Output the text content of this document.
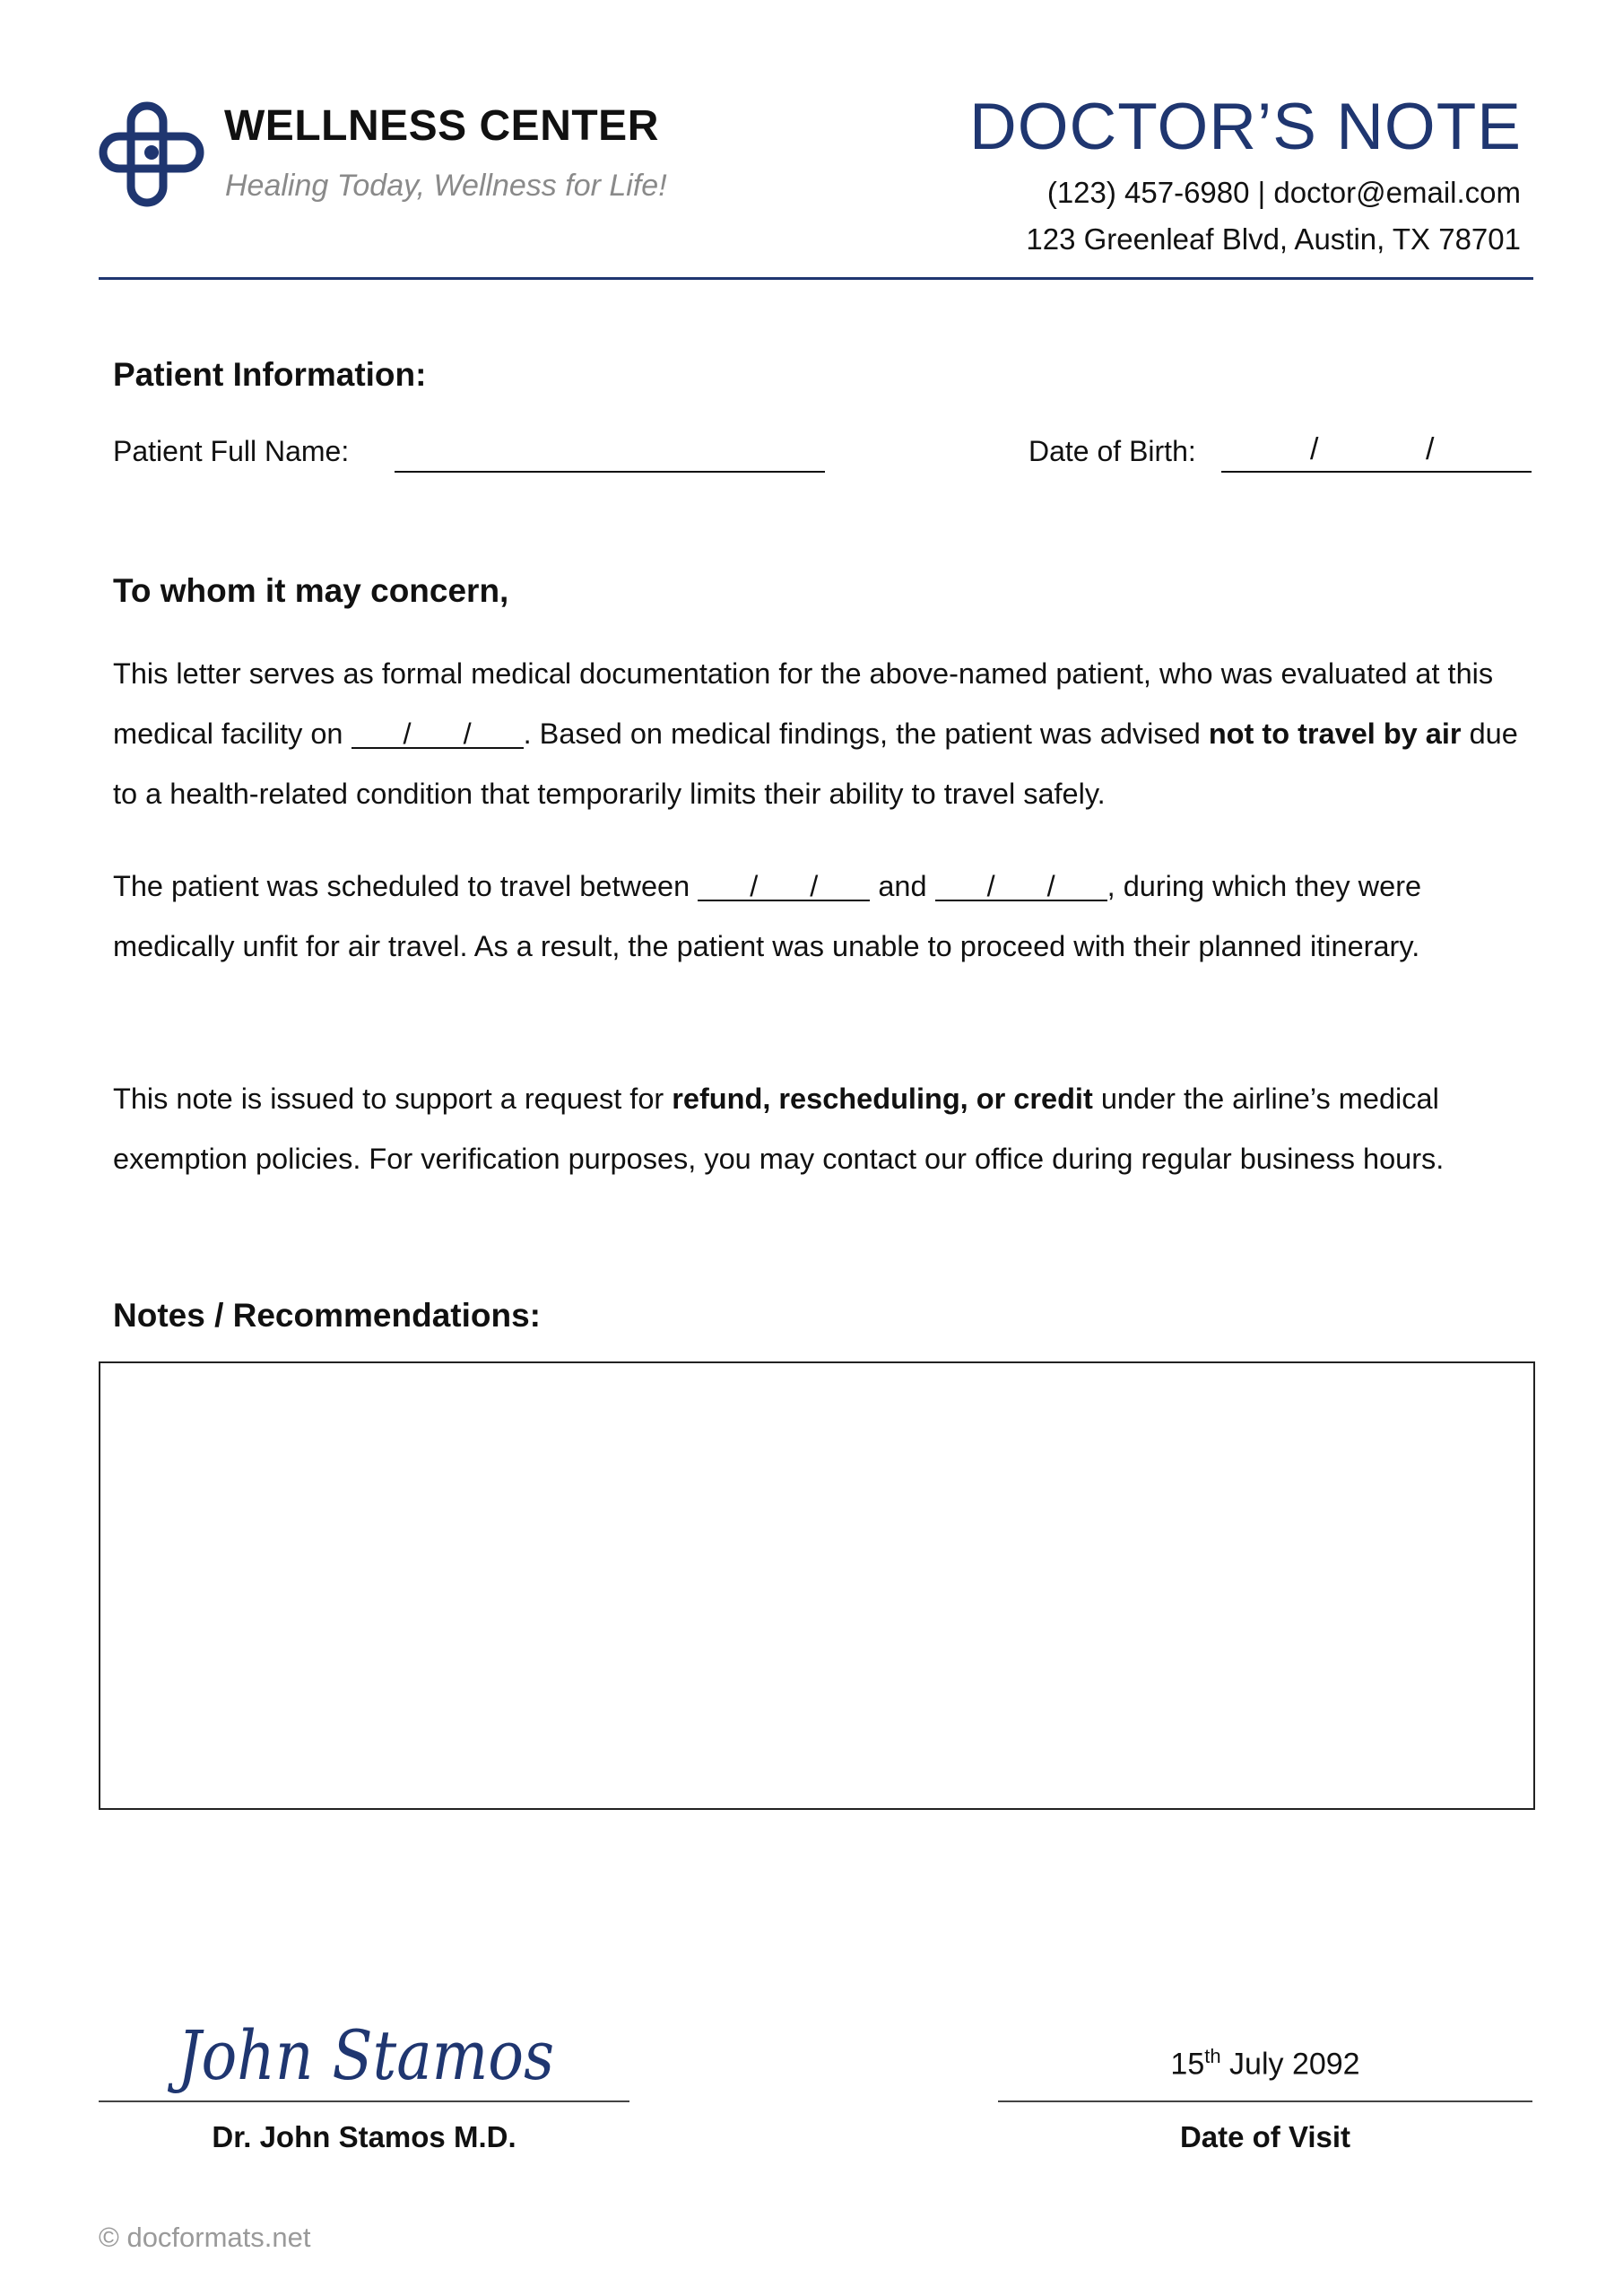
WELLNESS CENTER
Healing Today, Wellness for Life!
DOCTOR’S NOTE
(123) 457-6980 | doctor@email.com
123 Greenleaf Blvd, Austin, TX 78701
Patient Information:
Patient Full Name:	Date of Birth:	/	/
To whom it may concern,

This letter serves as formal medical documentation for the above-named patient, who was evaluated at this medical facility on / / . Based on medical findings, the patient was advised not to travel by air due to a health-related condition that temporarily limits their ability to travel safely.

The patient was scheduled to travel between / / and / / , during which they were medically unfit for air travel. As a result, the patient was unable to proceed with their planned itinerary.

This note is issued to support a request for refund, rescheduling, or credit under the airline’s medical exemption policies. For verification purposes, you may contact our office during regular business hours.

Notes / Recommendations:
John Stamos
Dr. John Stamos M.D.
15th July 2092
Date of Visit
© docformats.net
